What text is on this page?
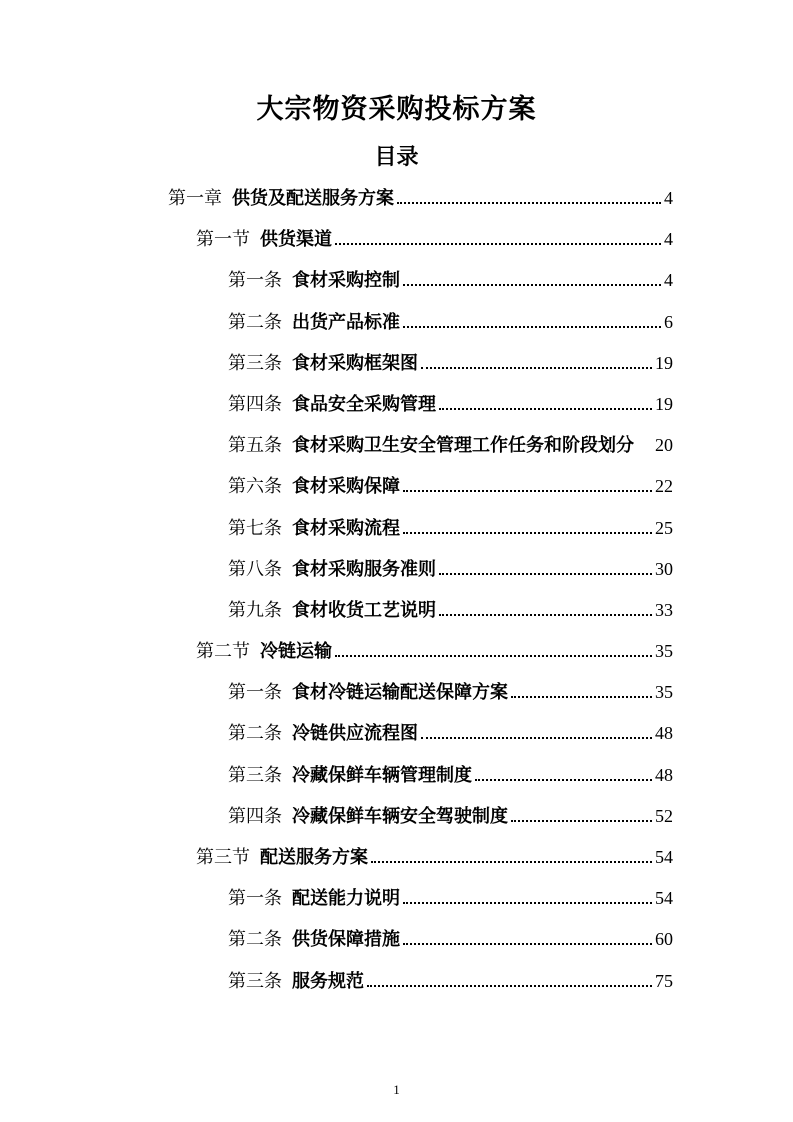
大宗物资采购投标方案
目录
第一章 供货及配送服务方案	4
第一节 供货渠道	4
第一条 食材采购控制	4
第二条 出货产品标准	6
第三条 食材采购框架图	19
第四条 食品安全采购管理	19
第五条 食材采购卫生安全管理工作任务和阶段划分 20
第六条 食材采购保障	22
第七条 食材采购流程	25
第八条 食材采购服务准则	30
第九条 食材收货工艺说明	33
第二节 冷链运输	35
第一条 食材冷链运输配送保障方案	35
第二条 冷链供应流程图	48
第三条 冷藏保鲜车辆管理制度	48
第四条 冷藏保鲜车辆安全驾驶制度	52
第三节 配送服务方案	54
第一条 配送能力说明	54
第二条 供货保障措施	60
第三条 服务规范	75
1
